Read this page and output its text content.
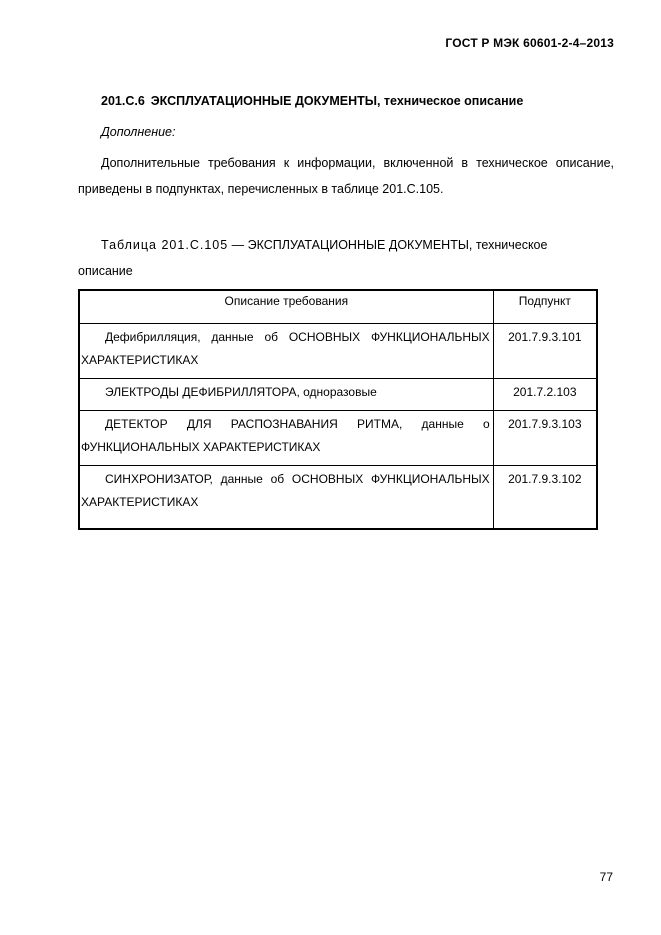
ГОСТ Р МЭК 60601-2-4–2013
201.C.6 ЭКСПЛУАТАЦИОННЫЕ ДОКУМЕНТЫ, техническое описание
Дополнение:
Дополнительные требования к информации, включенной в техническое описание, приведены в подпунктах, перечисленных в таблице 201.C.105.
Таблица 201.C.105 — ЭКСПЛУАТАЦИОННЫЕ ДОКУМЕНТЫ, техническое описание
Описание требования	Подпункт

Дефибрилляция, данные об ОСНОВНЫХ ФУНКЦИОНАЛЬНЫХ ХАРАКТЕРИСТИКАХ	201.7.9.3.101

ЭЛЕКТРОДЫ ДЕФИБРИЛЛЯТОРА, одноразовые	201.7.2.103

ДЕТЕКТОР ДЛЯ РАСПОЗНАВАНИЯ РИТМА, данные о ФУНКЦИОНАЛЬНЫХ ХАРАКТЕРИСТИКАХ	201.7.9.3.103

СИНХРОНИЗАТОР, данные об ОСНОВНЫХ ФУНКЦИОНАЛЬНЫХ ХАРАКТЕРИСТИКАХ	201.7.9.3.102
77
